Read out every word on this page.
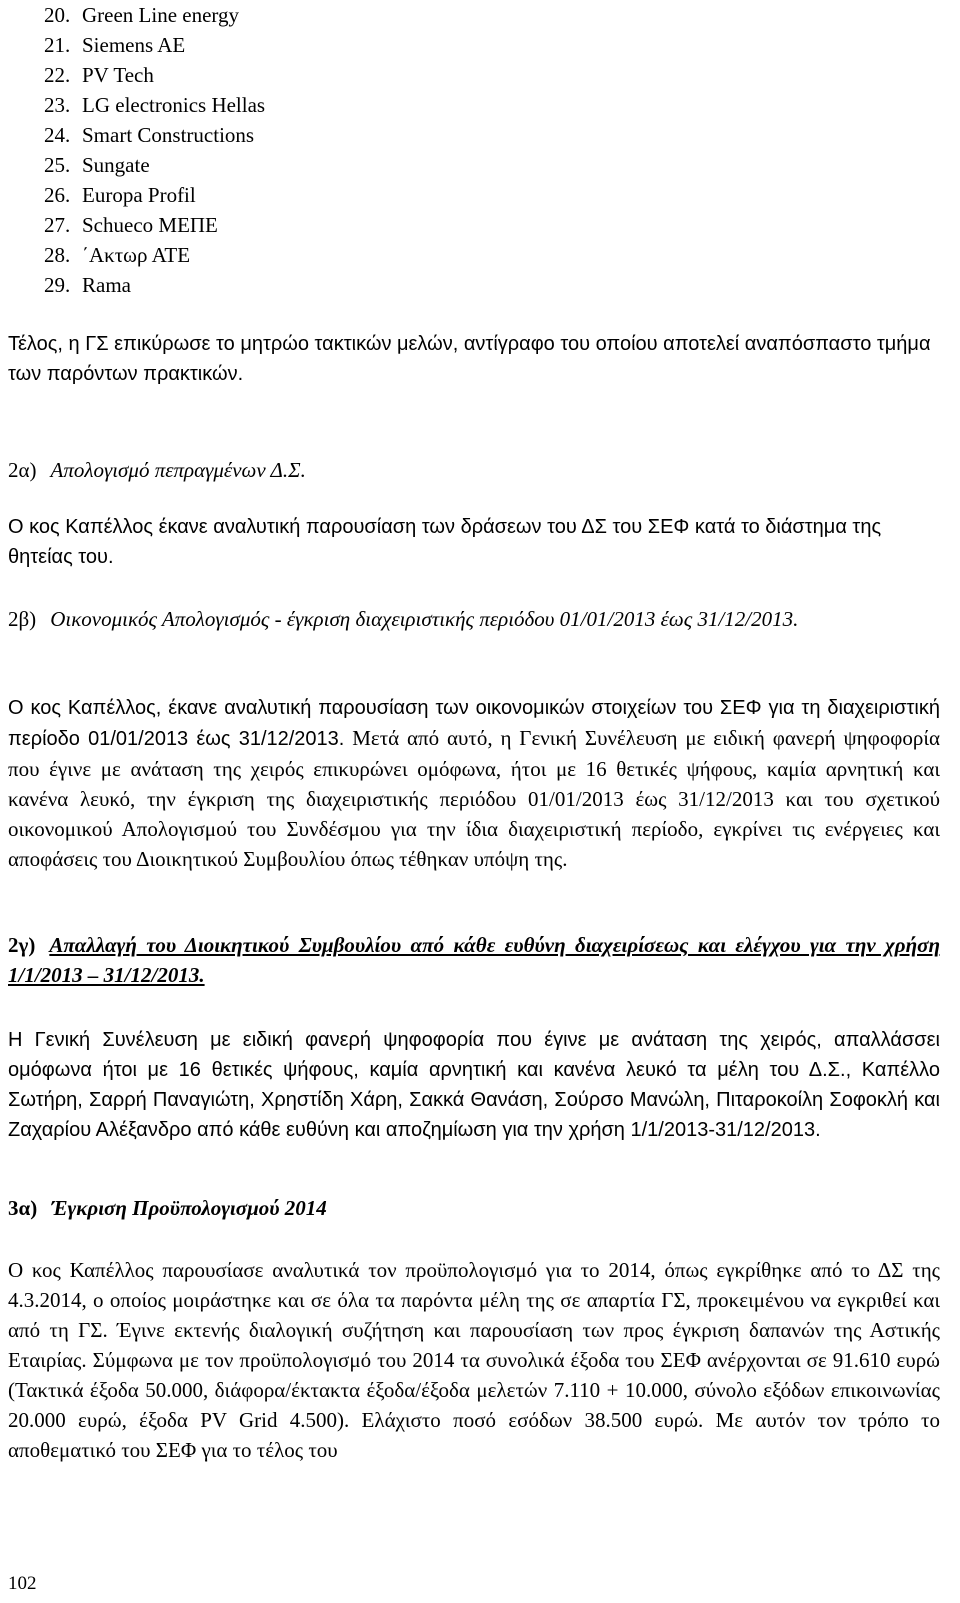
20. Green Line energy
21. Siemens AE
22. PV Tech
23. LG electronics Hellas
24. Smart Constructions
25. Sungate
26. Europa Profil
27. Schueco ΜΕΠΕ
28. ΄Ακτωρ ΑΤΕ
29. Rama

Τέλος, η ΓΣ επικύρωσε το μητρώο τακτικών μελών, αντίγραφο του οποίου αποτελεί αναπόσπαστο τμήμα των παρόντων πρακτικών.

2α) Απολογισμό πεπραγμένων Δ.Σ.

Ο κος Καπέλλος έκανε αναλυτική παρουσίαση των δράσεων του ΔΣ του ΣΕΦ κατά το διάστημα της θητείας του.

2β) Οικονομικός Απολογισμός - έγκριση διαχειριστικής περιόδου 01/01/2013 έως 31/12/2013.

Ο κος Καπέλλος, έκανε αναλυτική παρουσίαση των οικονομικών στοιχείων του ΣΕΦ για τη διαχειριστική περίοδο 01/01/2013 έως 31/12/2013. Μετά από αυτό, η Γενική Συνέλευση με ειδική φανερή ψηφοφορία που έγινε με ανάταση της χειρός επικυρώνει ομόφωνα, ήτοι με 16 θετικές ψήφους, καμία αρνητική και κανένα λευκό, την έγκριση της διαχειριστικής περιόδου 01/01/2013 έως 31/12/2013 και του σχετικού οικονομικού Απολογισμού του Συνδέσμου για την ίδια διαχειριστική περίοδο, εγκρίνει τις ενέργειες και αποφάσεις του Διοικητικού Συμβουλίου όπως τέθηκαν υπόψη της.

2γ) Απαλλαγή του Διοικητικού Συμβουλίου από κάθε ευθύνη διαχειρίσεως και ελέγχου για την χρήση 1/1/2013 – 31/12/2013.

Η Γενική Συνέλευση με ειδική φανερή ψηφοφορία που έγινε με ανάταση της χειρός, απαλλάσσει ομόφωνα ήτοι με 16 θετικές ψήφους, καμία αρνητική και κανένα λευκό τα μέλη του Δ.Σ., Καπέλλο Σωτήρη, Σαρρή Παναγιώτη, Χρηστίδη Χάρη, Σακκά Θανάση, Σούρσο Μανώλη, Πιταροκοίλη Σοφοκλή και Ζαχαρίου Αλέξανδρο από κάθε ευθύνη και αποζημίωση για την χρήση 1/1/2013-31/12/2013.

3α) Έγκριση Προϋπολογισμού 2014

Ο κος Καπέλλος παρουσίασε αναλυτικά τον προϋπολογισμό για το 2014, όπως εγκρίθηκε από το ΔΣ της 4.3.2014, ο οποίος μοιράστηκε και σε όλα τα παρόντα μέλη της σε απαρτία ΓΣ, προκειμένου να εγκριθεί και από τη ΓΣ. Έγινε εκτενής διαλογική συζήτηση και παρουσίαση των προς έγκριση δαπανών της Αστικής Εταιρίας. Σύμφωνα με τον προϋπολογισμό του 2014 τα συνολικά έξοδα του ΣΕΦ ανέρχονται σε 91.610 ευρώ (Τακτικά έξοδα 50.000, διάφορα/έκτακτα έξοδα/έξοδα μελετών 7.110 + 10.000, σύνολο εξόδων επικοινωνίας 20.000 ευρώ, έξοδα PV Grid 4.500). Ελάχιστο ποσό εσόδων 38.500 ευρώ. Με αυτόν τον τρόπο το αποθεματικό του ΣΕΦ για το τέλος του

102
